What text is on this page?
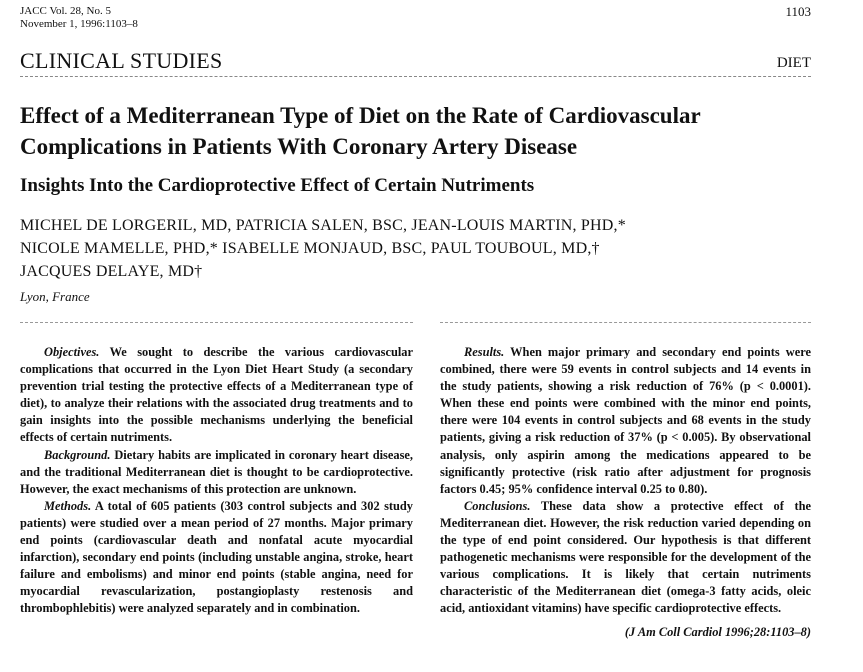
JACC Vol. 28, No. 5
November 1, 1996:1103–8
1103
CLINICAL STUDIES	DIET
Effect of a Mediterranean Type of Diet on the Rate of Cardiovascular Complications in Patients With Coronary Artery Disease
Insights Into the Cardioprotective Effect of Certain Nutriments
MICHEL DE LORGERIL, MD, PATRICIA SALEN, BSC, JEAN-LOUIS MARTIN, PHD,*
NICOLE MAMELLE, PHD,* ISABELLE MONJAUD, BSC, PAUL TOUBOUL, MD,†
JACQUES DELAYE, MD†
Lyon, France

Objectives. We sought to describe the various cardiovascular complications that occurred in the Lyon Diet Heart Study (a secondary prevention trial testing the protective effects of a Mediterranean type of diet), to analyze their relations with the associated drug treatments and to gain insights into the possible mechanisms underlying the beneficial effects of certain nutriments.

Background. Dietary habits are implicated in coronary heart disease, and the traditional Mediterranean diet is thought to be cardioprotective. However, the exact mechanisms of this protection are unknown.

Methods. A total of 605 patients (303 control subjects and 302 study patients) were studied over a mean period of 27 months. Major primary end points (cardiovascular death and nonfatal acute myocardial infarction), secondary end points (including unstable angina, stroke, heart failure and embolisms) and minor end points (stable angina, need for myocardial revascularization, postangioplasty restenosis and thrombophlebitis) were analyzed separately and in combination.

Results. When major primary and secondary end points were combined, there were 59 events in control subjects and 14 events in the study patients, showing a risk reduction of 76% (p < 0.0001). When these end points were combined with the minor end points, there were 104 events in control subjects and 68 events in the study patients, giving a risk reduction of 37% (p < 0.005). By observational analysis, only aspirin among the medications appeared to be significantly protective (risk ratio after adjustment for prognosis factors 0.45; 95% confidence interval 0.25 to 0.80).

Conclusions. These data show a protective effect of the Mediterranean diet. However, the risk reduction varied depending on the type of end point considered. Our hypothesis is that different pathogenetic mechanisms were responsible for the development of the various complications. It is likely that certain nutriments characteristic of the Mediterranean diet (omega-3 fatty acids, oleic acid, antioxidant vitamins) have specific cardioprotective effects.

(J Am Coll Cardiol 1996;28:1103–8)
